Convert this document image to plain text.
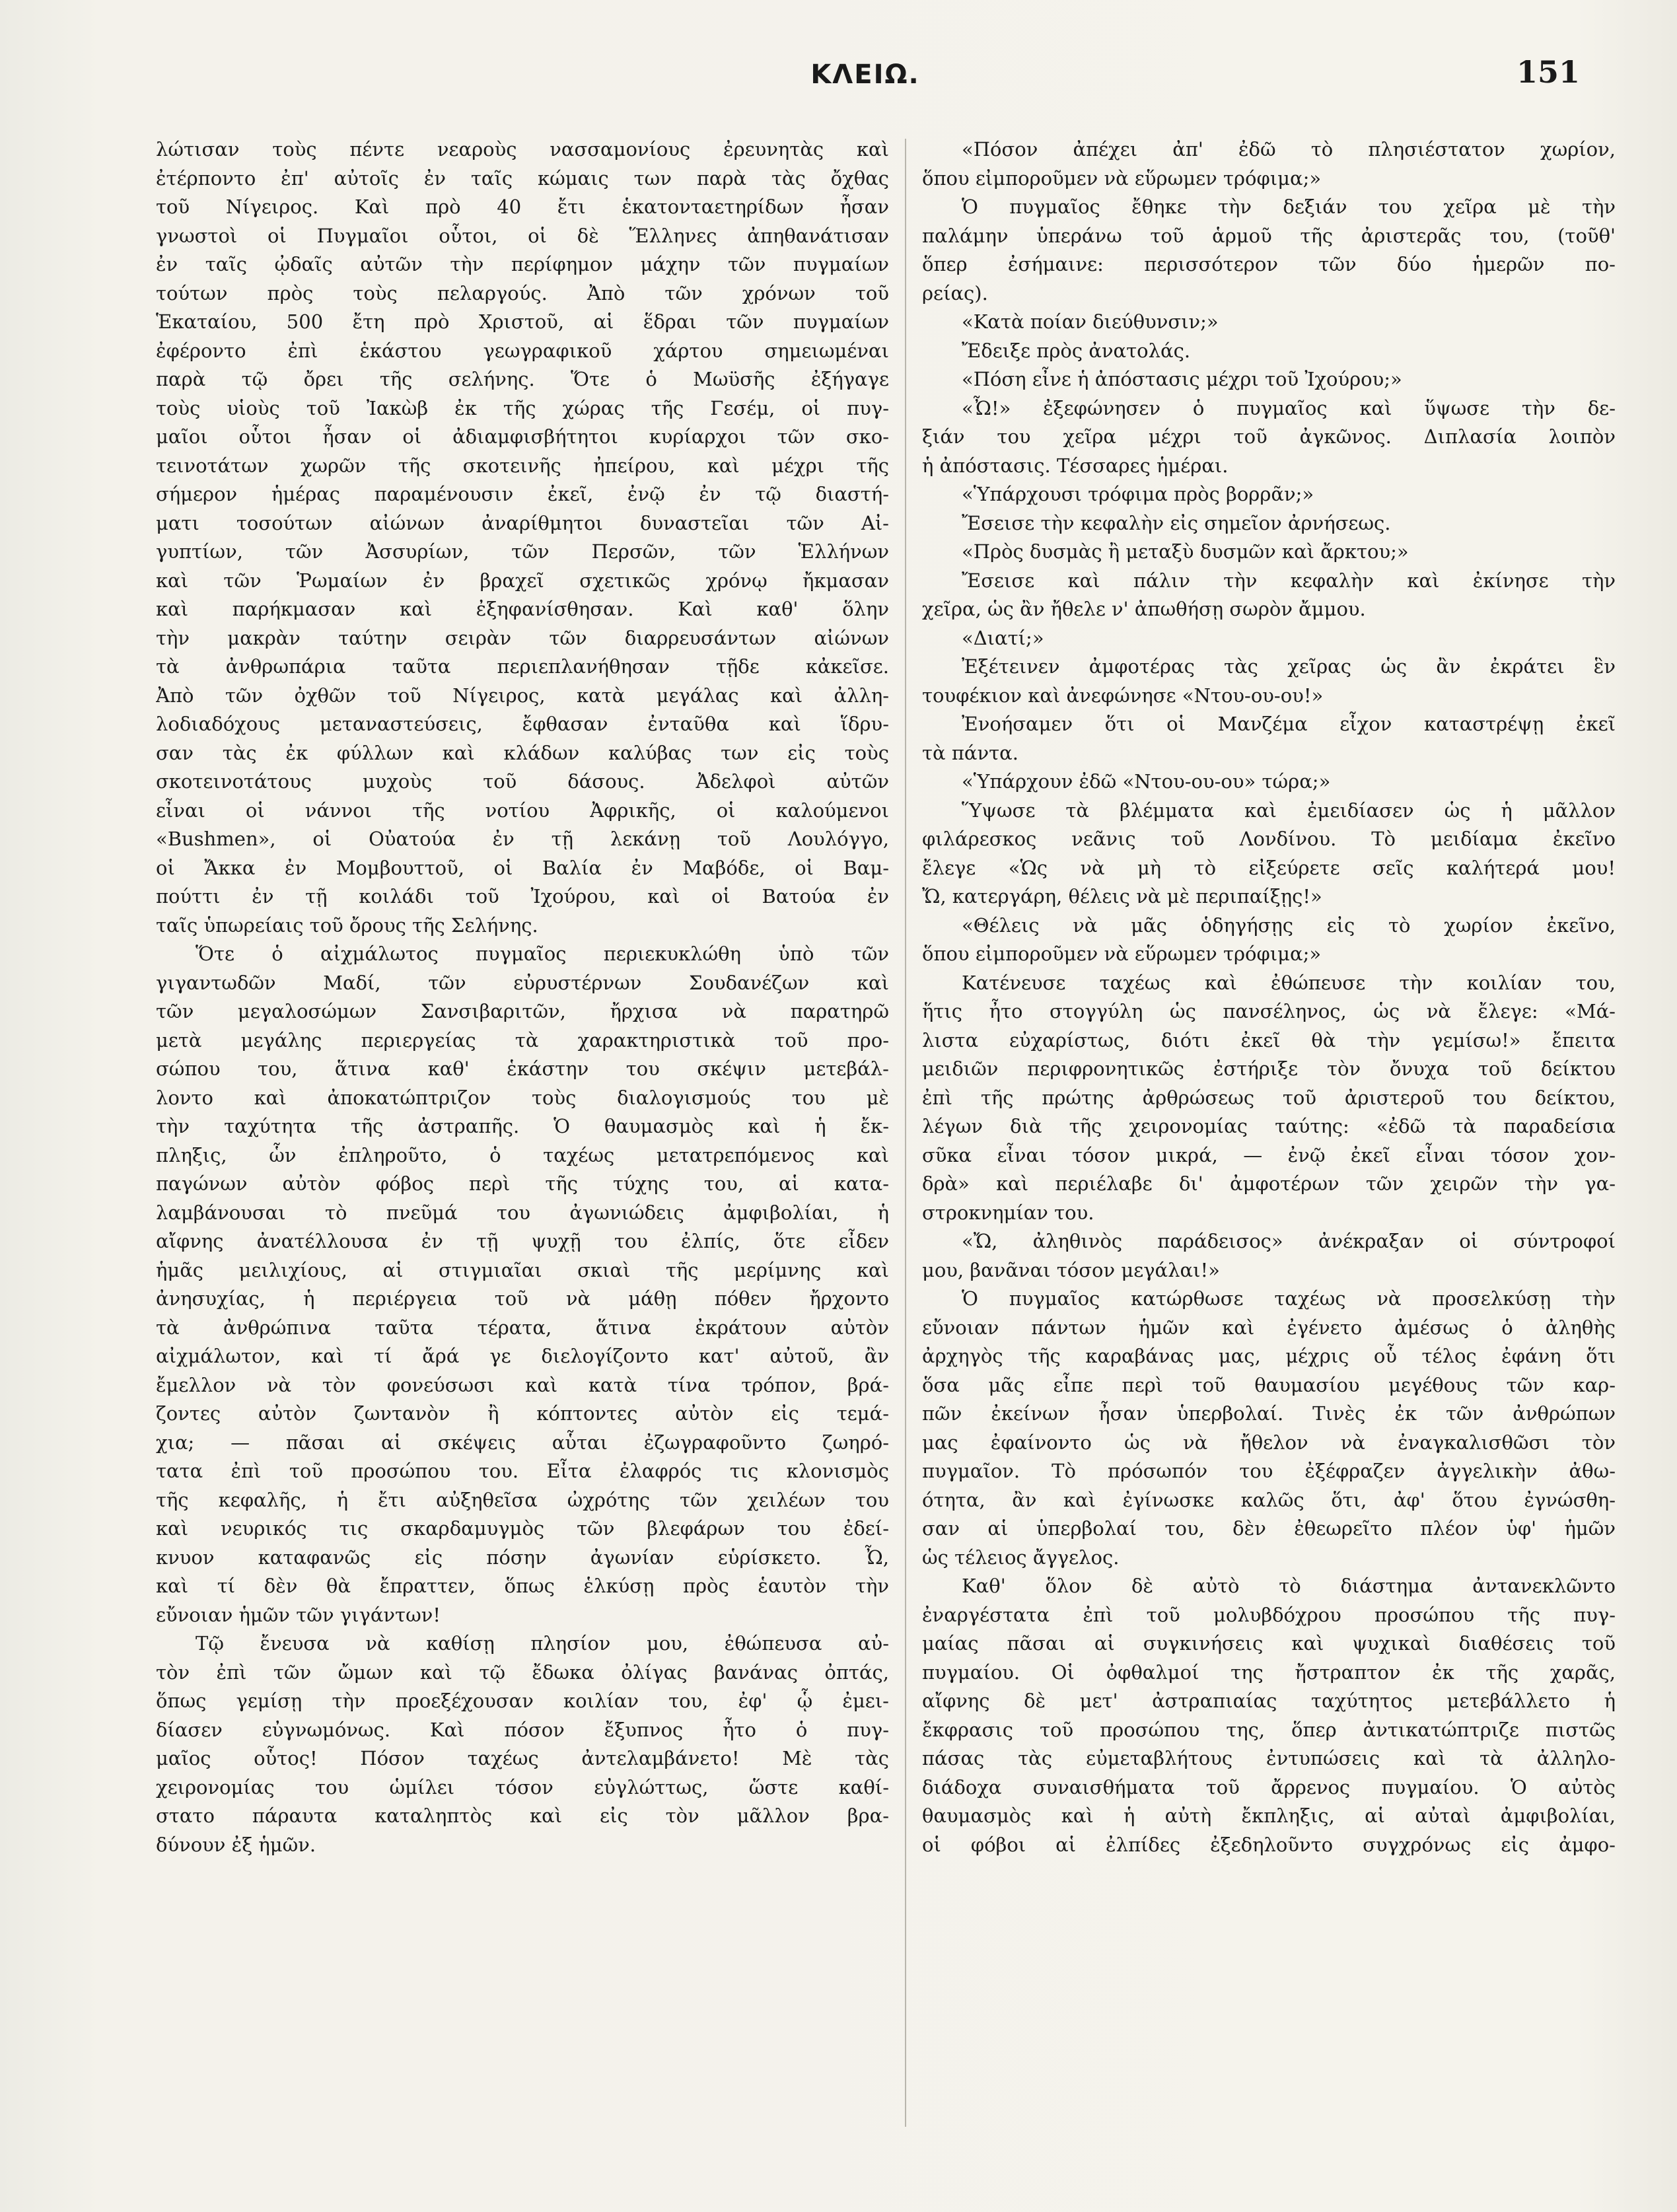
ΚΛΕΙΩ.	151
λώτισαν τοὺς πέντε νεαροὺς νασσαμονίους ἐρευνητὰς καὶ
ἐτέρποντο ἐπ' αὐτοῖς ἐν ταῖς κώμαις των παρὰ τὰς ὄχθας
τοῦ Νίγειρος. Καὶ πρὸ 40 ἔτι ἑκατονταετηρίδων ἦσαν
γνωστοὶ οἱ Πυγμαῖοι οὗτοι, οἱ δὲ Ἕλληνες ἀπηθανάτισαν
ἐν ταῖς ᾠδαῖς αὐτῶν τὴν περίφημον μάχην τῶν πυγμαίων
τούτων πρὸς τοὺς πελαργούς. Ἀπὸ τῶν χρόνων τοῦ
Ἑκαταίου, 500 ἔτη πρὸ Χριστοῦ, αἱ ἕδραι τῶν πυγμαίων
ἐφέροντο ἐπὶ ἑκάστου γεωγραφικοῦ χάρτου σημειωμέναι
παρὰ τῷ ὄρει τῆς σελήνης. Ὅτε ὁ Μωϋσῆς ἐξήγαγε
τοὺς υἱοὺς τοῦ Ἰακὼβ ἐκ τῆς χώρας τῆς Γεσέμ, οἱ πυγ-
μαῖοι οὗτοι ἦσαν οἱ ἀδιαμφισβήτητοι κυρίαρχοι τῶν σκο-
τεινοτάτων χωρῶν τῆς σκοτεινῆς ἠπείρου, καὶ μέχρι τῆς
σήμερον ἡμέρας παραμένουσιν ἐκεῖ, ἐνῷ ἐν τῷ διαστή-
ματι τοσούτων αἰώνων ἀναρίθμητοι δυναστεῖαι τῶν Αἰ-
γυπτίων, τῶν Ἀσσυρίων, τῶν Περσῶν, τῶν Ἑλλήνων
καὶ τῶν Ῥωμαίων ἐν βραχεῖ σχετικῶς χρόνῳ ἤκμασαν
καὶ παρήκμασαν καὶ ἐξηφανίσθησαν. Καὶ καθ' ὅλην
τὴν μακρὰν ταύτην σειρὰν τῶν διαρρευσάντων αἰώνων
τὰ ἀνθρωπάρια ταῦτα περιεπλανήθησαν τῇδε κἀκεῖσε.
Ἀπὸ τῶν ὀχθῶν τοῦ Νίγειρος, κατὰ μεγάλας καὶ ἀλλη-
λοδιαδόχους μεταναστεύσεις, ἔφθασαν ἐνταῦθα καὶ ἵδρυ-
σαν τὰς ἐκ φύλλων καὶ κλάδων καλύβας των εἰς τοὺς
σκοτεινοτάτους μυχοὺς τοῦ δάσους. Ἀδελφοὶ αὐτῶν
εἶναι οἱ νάννοι τῆς νοτίου Ἀφρικῆς, οἱ καλούμενοι
«Bushmen», οἱ Οὐατούα ἐν τῇ λεκάνῃ τοῦ Λουλόγγο,
οἱ Ἄκκα ἐν Μομβουττοῦ, οἱ Βαλία ἐν Μαβόδε, οἱ Βαμ-
πούττι ἐν τῇ κοιλάδι τοῦ Ἰχούρου, καὶ οἱ Βατούα ἐν
ταῖς ὑπωρείαις τοῦ ὄρους τῆς Σελήνης.
Ὅτε ὁ αἰχμάλωτος πυγμαῖος περιεκυκλώθη ὑπὸ τῶν
γιγαντωδῶν Μαδί, τῶν εὐρυστέρνων Σουδανέζων καὶ
τῶν μεγαλοσώμων Σανσιβαριτῶν, ἤρχισα νὰ παρατηρῶ
μετὰ μεγάλης περιεργείας τὰ χαρακτηριστικὰ τοῦ προ-
σώπου του, ἅτινα καθ' ἑκάστην του σκέψιν μετεβάλ-
λοντο καὶ ἀποκατώπτριζον τοὺς διαλογισμούς του μὲ
τὴν ταχύτητα τῆς ἀστραπῆς. Ὁ θαυμασμὸς καὶ ἡ ἔκ-
πληξις, ὧν ἐπληροῦτο, ὁ ταχέως μετατρεπόμενος καὶ
παγώνων αὐτὸν φόβος περὶ τῆς τύχης του, αἱ κατα-
λαμβάνουσαι τὸ πνεῦμά του ἀγωνιώδεις ἀμφιβολίαι, ἡ
αἴφνης ἀνατέλλουσα ἐν τῇ ψυχῇ του ἐλπίς, ὅτε εἶδεν
ἡμᾶς μειλιχίους, αἱ στιγμιαῖαι σκιαὶ τῆς μερίμνης καὶ
ἀνησυχίας, ἡ περιέργεια τοῦ νὰ μάθῃ πόθεν ἤρχοντο
τὰ ἀνθρώπινα ταῦτα τέρατα, ἅτινα ἐκράτουν αὐτὸν
αἰχμάλωτον, καὶ τί ἄρά γε διελογίζοντο κατ' αὐτοῦ, ἂν
ἔμελλον νὰ τὸν φονεύσωσι καὶ κατὰ τίνα τρόπον, βρά-
ζοντες αὐτὸν ζωντανὸν ἢ κόπτοντες αὐτὸν εἰς τεμά-
χια; — πᾶσαι αἱ σκέψεις αὗται ἐζωγραφοῦντο ζωηρό-
τατα ἐπὶ τοῦ προσώπου του. Εἶτα ἐλαφρός τις κλονισμὸς
τῆς κεφαλῆς, ἡ ἔτι αὐξηθεῖσα ὠχρότης τῶν χειλέων του
καὶ νευρικός τις σκαρδαμυγμὸς τῶν βλεφάρων του ἐδεί-
κνυον καταφανῶς εἰς πόσην ἀγωνίαν εὑρίσκετο. Ὦ,
καὶ τί δὲν θὰ ἔπραττεν, ὅπως ἑλκύσῃ πρὸς ἑαυτὸν τὴν
εὔνοιαν ἡμῶν τῶν γιγάντων!
Τῷ ἔνευσα νὰ καθίσῃ πλησίον μου, ἐθώπευσα αὐ-
τὸν ἐπὶ τῶν ὤμων καὶ τῷ ἔδωκα ὀλίγας βανάνας ὀπτάς,
ὅπως γεμίσῃ τὴν προεξέχουσαν κοιλίαν του, ἐφ' ᾧ ἐμει-
δίασεν εὐγνωμόνως. Καὶ πόσον ἔξυπνος ἦτο ὁ πυγ-
μαῖος οὗτος! Πόσον ταχέως ἀντελαμβάνετο! Μὲ τὰς
χειρονομίας του ὡμίλει τόσον εὐγλώττως, ὥστε καθί-
στατο πάραυτα καταληπτὸς καὶ εἰς τὸν μᾶλλον βρα-
δύνουν ἐξ ἡμῶν.
«Πόσον ἀπέχει ἀπ' ἐδῶ τὸ πλησιέστατον χωρίον,
ὅπου εἰμποροῦμεν νὰ εὕρωμεν τρόφιμα;»
Ὁ πυγμαῖος ἔθηκε τὴν δεξιάν του χεῖρα μὲ τὴν
παλάμην ὑπεράνω τοῦ ἁρμοῦ τῆς ἀριστερᾶς του, (τοῦθ'
ὅπερ ἐσήμαινε: περισσότερον τῶν δύο ἡμερῶν πο-
ρείας).
«Κατὰ ποίαν διεύθυνσιν;»
Ἔδειξε πρὸς ἀνατολάς.
«Πόση εἶνε ἡ ἀπόστασις μέχρι τοῦ Ἰχούρου;»
«Ὦ!» ἐξεφώνησεν ὁ πυγμαῖος καὶ ὕψωσε τὴν δε-
ξιάν του χεῖρα μέχρι τοῦ ἀγκῶνος. Διπλασία λοιπὸν
ἡ ἀπόστασις. Τέσσαρες ἡμέραι.
«Ὑπάρχουσι τρόφιμα πρὸς βορρᾶν;»
Ἔσεισε τὴν κεφαλὴν εἰς σημεῖον ἀρνήσεως.
«Πρὸς δυσμὰς ἢ μεταξὺ δυσμῶν καὶ ἄρκτου;»
Ἔσεισε καὶ πάλιν τὴν κεφαλὴν καὶ ἐκίνησε τὴν
χεῖρα, ὡς ἂν ἤθελε ν' ἀπωθήσῃ σωρὸν ἄμμου.
«Διατί;»
Ἐξέτεινεν ἀμφοτέρας τὰς χεῖρας ὡς ἂν ἐκράτει ἓν
τουφέκιον καὶ ἀνεφώνησε «Ντου-ου-ου!»
Ἐνοήσαμεν ὅτι οἱ Μανζέμα εἶχον καταστρέψῃ ἐκεῖ
τὰ πάντα.
«Ὑπάρχουν ἐδῶ «Ντου-ου-ου» τώρα;»
Ὕψωσε τὰ βλέμματα καὶ ἐμειδίασεν ὡς ἡ μᾶλλον
φιλάρεσκος νεᾶνις τοῦ Λονδίνου. Τὸ μειδίαμα ἐκεῖνο
ἔλεγε «Ὡς νὰ μὴ τὸ εἰξεύρετε σεῖς καλήτερά μου!
Ὤ, κατεργάρη, θέλεις νὰ μὲ περιπαίξῃς!»
«Θέλεις νὰ μᾶς ὁδηγήσῃς εἰς τὸ χωρίον ἐκεῖνο,
ὅπου εἰμποροῦμεν νὰ εὕρωμεν τρόφιμα;»
Κατένευσε ταχέως καὶ ἐθώπευσε τὴν κοιλίαν του,
ἥτις ἦτο στογγύλη ὡς πανσέληνος, ὡς νὰ ἔλεγε: «Μά-
λιστα εὐχαρίστως, διότι ἐκεῖ θὰ τὴν γεμίσω!» ἔπειτα
μειδιῶν περιφρονητικῶς ἐστήριξε τὸν ὄνυχα τοῦ δείκτου
ἐπὶ τῆς πρώτης ἀρθρώσεως τοῦ ἀριστεροῦ του δείκτου,
λέγων διὰ τῆς χειρονομίας ταύτης: «ἐδῶ τὰ παραδείσια
σῦκα εἶναι τόσον μικρά, — ἐνῷ ἐκεῖ εἶναι τόσον χον-
δρὰ» καὶ περιέλαβε δι' ἀμφοτέρων τῶν χειρῶν τὴν γα-
στροκνημίαν του.
«Ὤ, ἀληθινὸς παράδεισος» ἀνέκραξαν οἱ σύντροφοί
μου, βανᾶναι τόσον μεγάλαι!»
Ὁ πυγμαῖος κατώρθωσε ταχέως νὰ προσελκύσῃ τὴν
εὔνοιαν πάντων ἡμῶν καὶ ἐγένετο ἀμέσως ὁ ἀληθὴς
ἀρχηγὸς τῆς καραβάνας μας, μέχρις οὗ τέλος ἐφάνη ὅτι
ὅσα μᾶς εἶπε περὶ τοῦ θαυμασίου μεγέθους τῶν καρ-
πῶν ἐκείνων ἦσαν ὑπερβολαί. Τινὲς ἐκ τῶν ἀνθρώπων
μας ἐφαίνοντο ὡς νὰ ἤθελον νὰ ἐναγκαλισθῶσι τὸν
πυγμαῖον. Τὸ πρόσωπόν του ἐξέφραζεν ἀγγελικὴν ἀθω-
ότητα, ἂν καὶ ἐγίνωσκε καλῶς ὅτι, ἀφ' ὅτου ἐγνώσθη-
σαν αἱ ὑπερβολαί του, δὲν ἐθεωρεῖτο πλέον ὑφ' ἡμῶν
ὡς τέλειος ἄγγελος.
Καθ' ὅλον δὲ αὐτὸ τὸ διάστημα ἀντανεκλῶντο
ἐναργέστατα ἐπὶ τοῦ μολυβδόχρου προσώπου τῆς πυγ-
μαίας πᾶσαι αἱ συγκινήσεις καὶ ψυχικαὶ διαθέσεις τοῦ
πυγμαίου. Οἱ ὀφθαλμοί της ἤστραπτον ἐκ τῆς χαρᾶς,
αἴφνης δὲ μετ' ἀστραπιαίας ταχύτητος μετεβάλλετο ἡ
ἔκφρασις τοῦ προσώπου της, ὅπερ ἀντικατώπτριζε πιστῶς
πάσας τὰς εὐμεταβλήτους ἐντυπώσεις καὶ τὰ ἀλληλο-
διάδοχα συναισθήματα τοῦ ἄρρενος πυγμαίου. Ὁ αὐτὸς
θαυμασμὸς καὶ ἡ αὐτὴ ἔκπληξις, αἱ αὐταὶ ἀμφιβολίαι,
οἱ φόβοι αἱ ἐλπίδες ἐξεδηλοῦντο συγχρόνως εἰς ἀμφο-
